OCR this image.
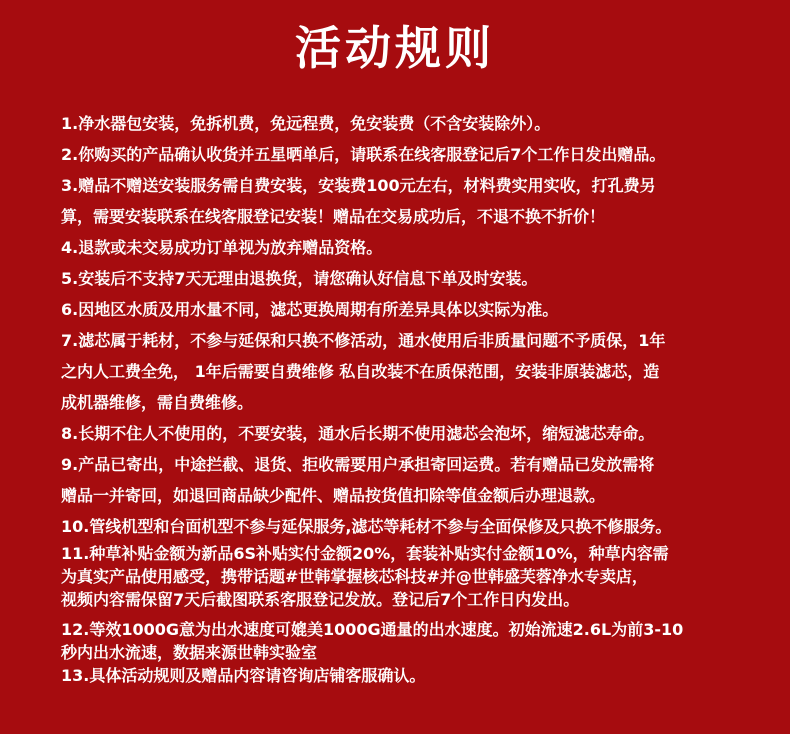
活动规则
1.净水器包安装，免拆机费，免远程费，免安装费（不含安装除外）。
2.你购买的产品确认收货并五星晒单后，请联系在线客服登记后7个工作日发出赠品。
3.赠品不赠送安装服务需自费安装，安装费100元左右，材料费实用实收，打孔费另
算，需要安装联系在线客服登记安装！赠品在交易成功后，不退不换不折价！
4.退款或未交易成功订单视为放弃赠品资格。
5.安装后不支持7天无理由退换货，请您确认好信息下单及时安装。
6.因地区水质及用水量不同，滤芯更换周期有所差异具体以实际为准。
7.滤芯属于耗材，不参与延保和只换不修活动，通水使用后非质量问题不予质保，1年
之内人工费全免， 1年后需要自费维修 私自改装不在质保范围，安装非原装滤芯，造
成机器维修，需自费维修。
8.长期不住人不使用的，不要安装，通水后长期不使用滤芯会泡坏，缩短滤芯寿命。
9.产品已寄出，中途拦截、退货、拒收需要用户承担寄回运费。若有赠品已发放需将
赠品一并寄回，如退回商品缺少配件、赠品按货值扣除等值金额后办理退款。
10.管线机型和台面机型不参与延保服务,滤芯等耗材不参与全面保修及只换不修服务。
11.种草补贴金额为新品6S补贴实付金额20%，套装补贴实付金额10%，种草内容需
为真实产品使用感受，携带话题#世韩掌握核芯科技#并@世韩盛芙蓉净水专卖店，
视频内容需保留7天后截图联系客服登记发放。登记后7个工作日内发出。
12.等效1000G意为出水速度可媲美1000G通量的出水速度。初始流速2.6L为前3-10
秒内出水流速，数据来源世韩实验室
13.具体活动规则及赠品内容请咨询店铺客服确认。
